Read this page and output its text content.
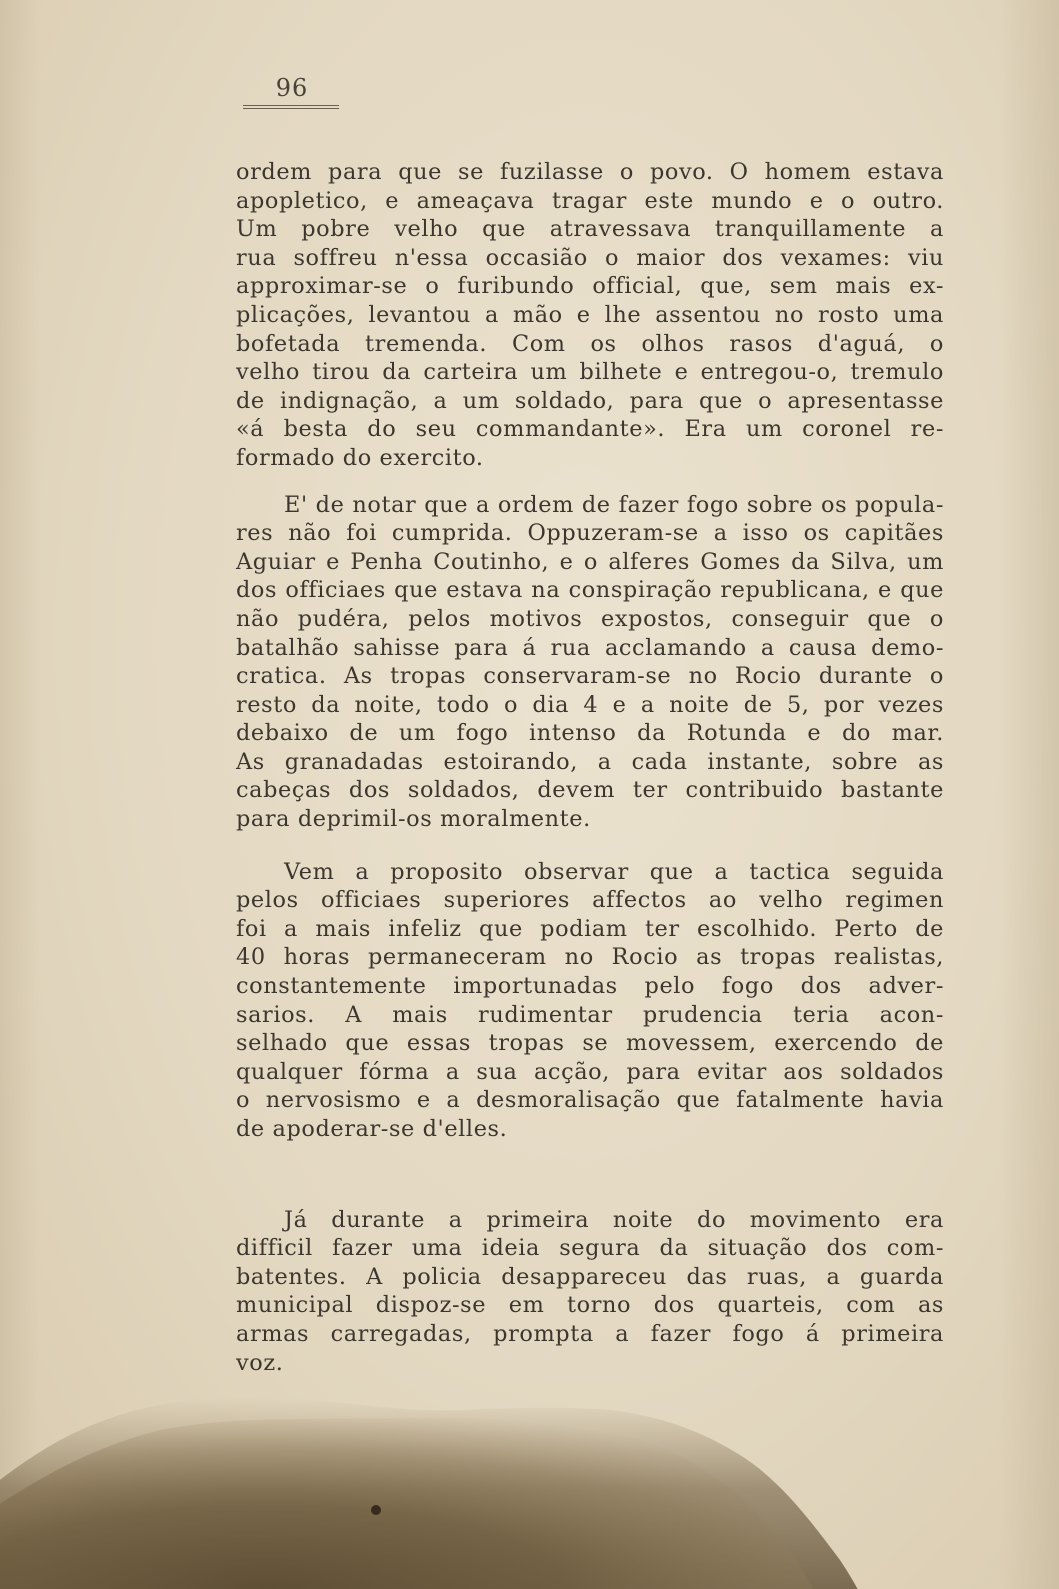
96
ordem para que se fuzilasse o povo. O homem estava
apopletico, e ameaçava tragar este mundo e o outro.
Um pobre velho que atravessava tranquillamente a
rua soffreu n'essa occasião o maior dos vexames: viu
approximar-se o furibundo official, que, sem mais ex-
plicações, levantou a mão e lhe assentou no rosto uma
bofetada tremenda. Com os olhos rasos d'aguá, o
velho tirou da carteira um bilhete e entregou-o, tremulo
de indignação, a um soldado, para que o apresentasse
«á besta do seu commandante». Era um coronel re-
formado do exercito.
E' de notar que a ordem de fazer fogo sobre os popula-
res não foi cumprida. Oppuzeram-se a isso os capitães
Aguiar e Penha Coutinho, e o alferes Gomes da Silva, um
dos officiaes que estava na conspiração republicana, e que
não pudéra, pelos motivos expostos, conseguir que o
batalhão sahisse para á rua acclamando a causa demo-
cratica. As tropas conservaram-se no Rocio durante o
resto da noite, todo o dia 4 e a noite de 5, por vezes
debaixo de um fogo intenso da Rotunda e do mar.
As granadadas estoirando, a cada instante, sobre as
cabeças dos soldados, devem ter contribuido bastante
para deprimil-os moralmente.
Vem a proposito observar que a tactica seguida
pelos officiaes superiores affectos ao velho regimen
foi a mais infeliz que podiam ter escolhido. Perto de
40 horas permaneceram no Rocio as tropas realistas,
constantemente importunadas pelo fogo dos adver-
sarios. A mais rudimentar prudencia teria acon-
selhado que essas tropas se movessem, exercendo de
qualquer fórma a sua acção, para evitar aos soldados
o nervosismo e a desmoralisação que fatalmente havia
de apoderar-se d'elles.
Já durante a primeira noite do movimento era
difficil fazer uma ideia segura da situação dos com-
batentes. A policia desappareceu das ruas, a guarda
municipal dispoz-se em torno dos quarteis, com as
armas carregadas, prompta a fazer fogo á primeira
voz.
